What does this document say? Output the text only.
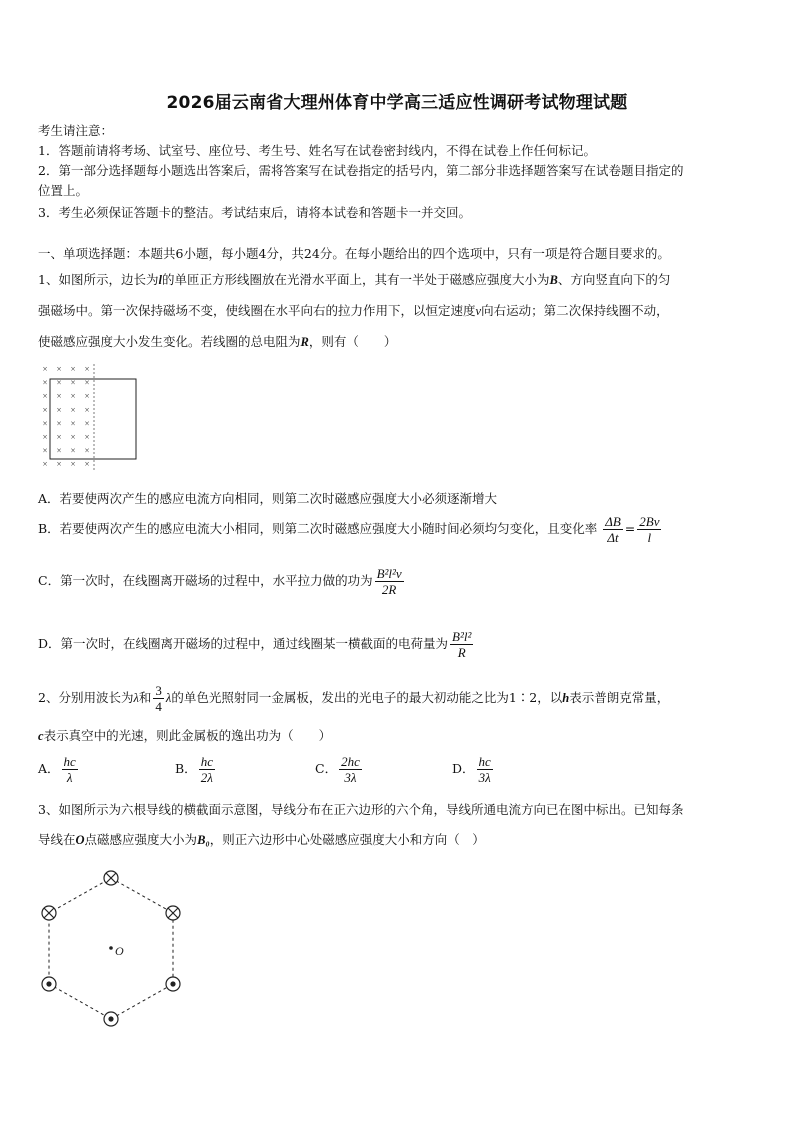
2026届云南省大理州体育中学高三适应性调研考试物理试题
考生请注意：
1．答题前请将考场、试室号、座位号、考生号、姓名写在试卷密封线内，不得在试卷上作任何标记。
2．第一部分选择题每小题选出答案后，需将答案写在试卷指定的括号内，第二部分非选择题答案写在试卷题目指定的
位置上。
3．考生必须保证答题卡的整洁。考试结束后，请将本试卷和答题卡一并交回。
一、单项选择题：本题共6小题，每小题4分，共24分。在每小题给出的四个选项中，只有一项是符合题目要求的。
1、如图所示，边长为l的单匝正方形线圈放在光滑水平面上，其有一半处于磁感应强度大小为B、方向竖直向下的匀
强磁场中。第一次保持磁场不变，使线圈在水平向右的拉力作用下，以恒定速度v向右运动；第二次保持线圈不动，
使磁感应强度大小发生变化。若线圈的总电阻为R，则有（　　）
× × × ×
× × × ×
× × × ×
× × × ×
× × × ×
× × × ×
× × × ×
× × × ×
A．若要使两次产生的感应电流方向相同，则第二次时磁感应强度大小必须逐渐增大
B．若要使两次产生的感应电流大小相同，则第二次时磁感应强度大小随时间必须均匀变化，且变化率 $\frac{\Delta B}{\Delta t} = \frac{2Bv}{l}$
C．第一次时，在线圈离开磁场的过程中，水平拉力做的功为 $\frac{\text{B²l²v}}{2R}$
D．第一次时，在线圈离开磁场的过程中，通过线圈某一横截面的电荷量为 $\frac{\text{B²l²}}{R}$
2、分别用波长为λ和 $\frac{3}{4}$ λ的单色光照射同一金属板，发出的光电子的最大初动能之比为1∶2，以h表示普朗克常量，
c表示真空中的光速，则此金属板的逸出功为（　　）
A． $\frac{hc}{\lambda}$	B． $\frac{hc}{2\lambda}$	C． $\frac{2hc}{3\lambda}$	D． $\frac{hc}{3\lambda}$
3、如图所示为六根导线的横截面示意图，导线分布在正六边形的六个角，导线所通电流方向已在图中标出。已知每条
导线在O点磁感应强度大小为B₀，则正六边形中心处磁感应强度大小和方向（　）
O
